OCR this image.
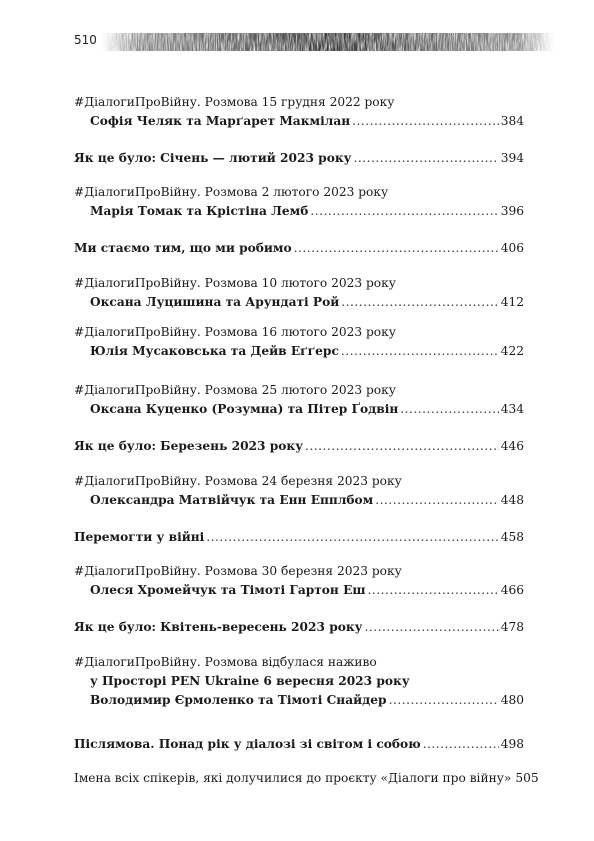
510
#ДіалогиПроВійну. Розмова 15 грудня 2022 року
Софія Челяк та Марґарет Макмілан .....	384
Як це було: Січень — лютий 2023 року .....	394
#ДіалогиПроВійну. Розмова 2 лютого 2023 року
Марія Томак та Крістіна Лемб .....	396
Ми стаємо тим, що ми робимо .....	406
#ДіалогиПроВійну. Розмова 10 лютого 2023 року
Оксана Луцишина та Арундаті Рой .....	412
#ДіалогиПроВійну. Розмова 16 лютого 2023 року
Юлія Мусаковська та Дейв Еґґерс .....	422
#ДіалогиПроВійну. Розмова 25 лютого 2023 року
Оксана Куценко (Розумна) та Пітер Ґодвін .....	434
Як це було: Березень 2023 року .....	446
#ДіалогиПроВійну. Розмова 24 березня 2023 року
Олександра Матвійчук та Енн Епплбом .....	448
Перемогти у війні .....	458
#ДіалогиПроВійну. Розмова 30 березня 2023 року
Олеся Хромейчук та Тімоті Гартон Еш .....	466
Як це було: Квітень-вересень 2023 року .....	478
#ДіалогиПроВійну. Розмова відбулася наживо
у Просторі PEN Ukraine 6 вересня 2023 року
Володимир Єрмоленко та Тімоті Снайдер .....	480
Післямова. Понад рік у діалозі зі світом і собою .....	498
Імена всіх спікерів, які долучилися до проєкту «Діалоги про війну» 505
